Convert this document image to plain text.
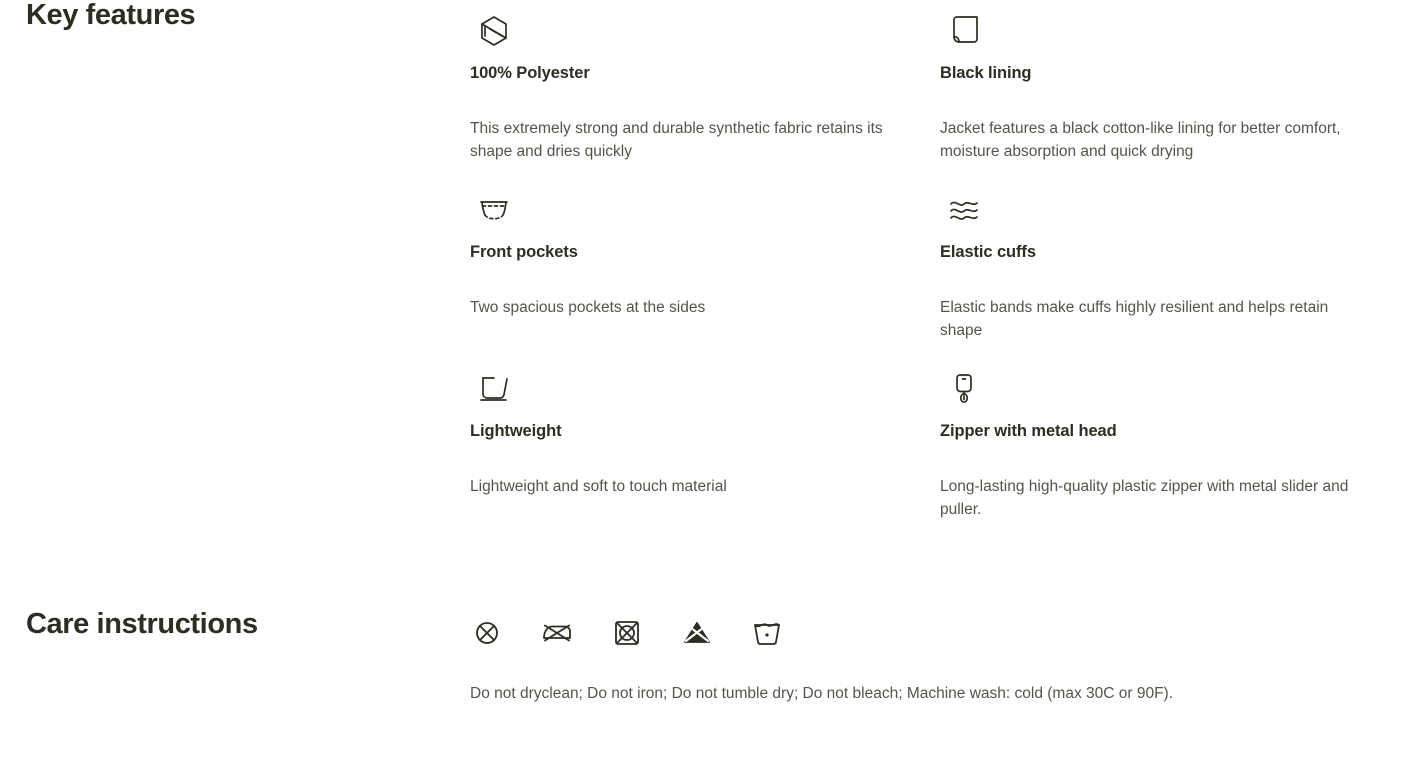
Key features

100% Polyester

This extremely strong and durable synthetic fabric retains its shape and dries quickly

Black lining

Jacket features a black cotton-like lining for better comfort, moisture absorption and quick drying

Front pockets

Two spacious pockets at the sides

Elastic cuffs

Elastic bands make cuffs highly resilient and helps retain shape

Lightweight

Lightweight and soft to touch material

Zipper with metal head

Long-lasting high-quality plastic zipper with metal slider and puller.

Care instructions

Do not dryclean; Do not iron; Do not tumble dry; Do not bleach; Machine wash: cold (max 30C or 90F).
